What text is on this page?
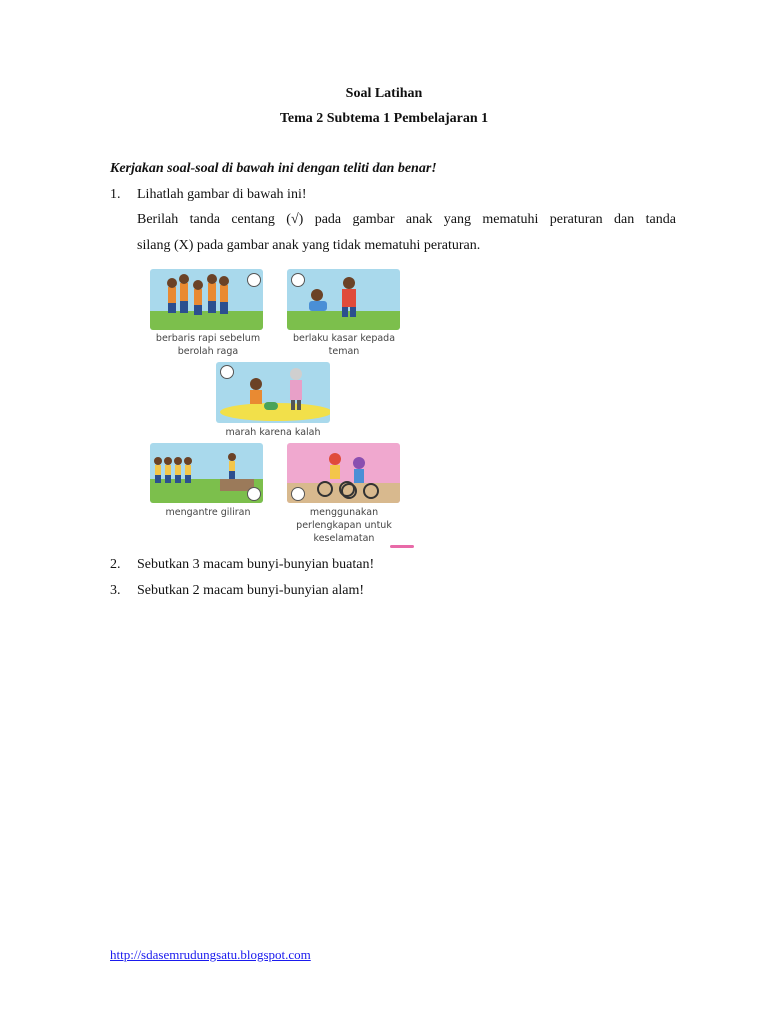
Soal Latihan
Tema 2 Subtema 1 Pembelajaran 1
Kerjakan soal-soal di bawah ini dengan teliti dan benar!
1. Lihatlah gambar di bawah ini!
Berilah tanda centang (√) pada gambar anak yang mematuhi peraturan dan tanda
silang (X) pada gambar anak yang tidak mematuhi peraturan.
berbaris rapi sebelum
berolah raga
berlaku kasar kepada
teman
marah karena kalah
mengantre giliran	menggunakan
perlengkapan untuk
keselamatan
2. Sebutkan 3 macam bunyi-bunyian buatan!
3. Sebutkan 2 macam bunyi-bunyian alam!
http://sdasemrudungsatu.blogspot.com
